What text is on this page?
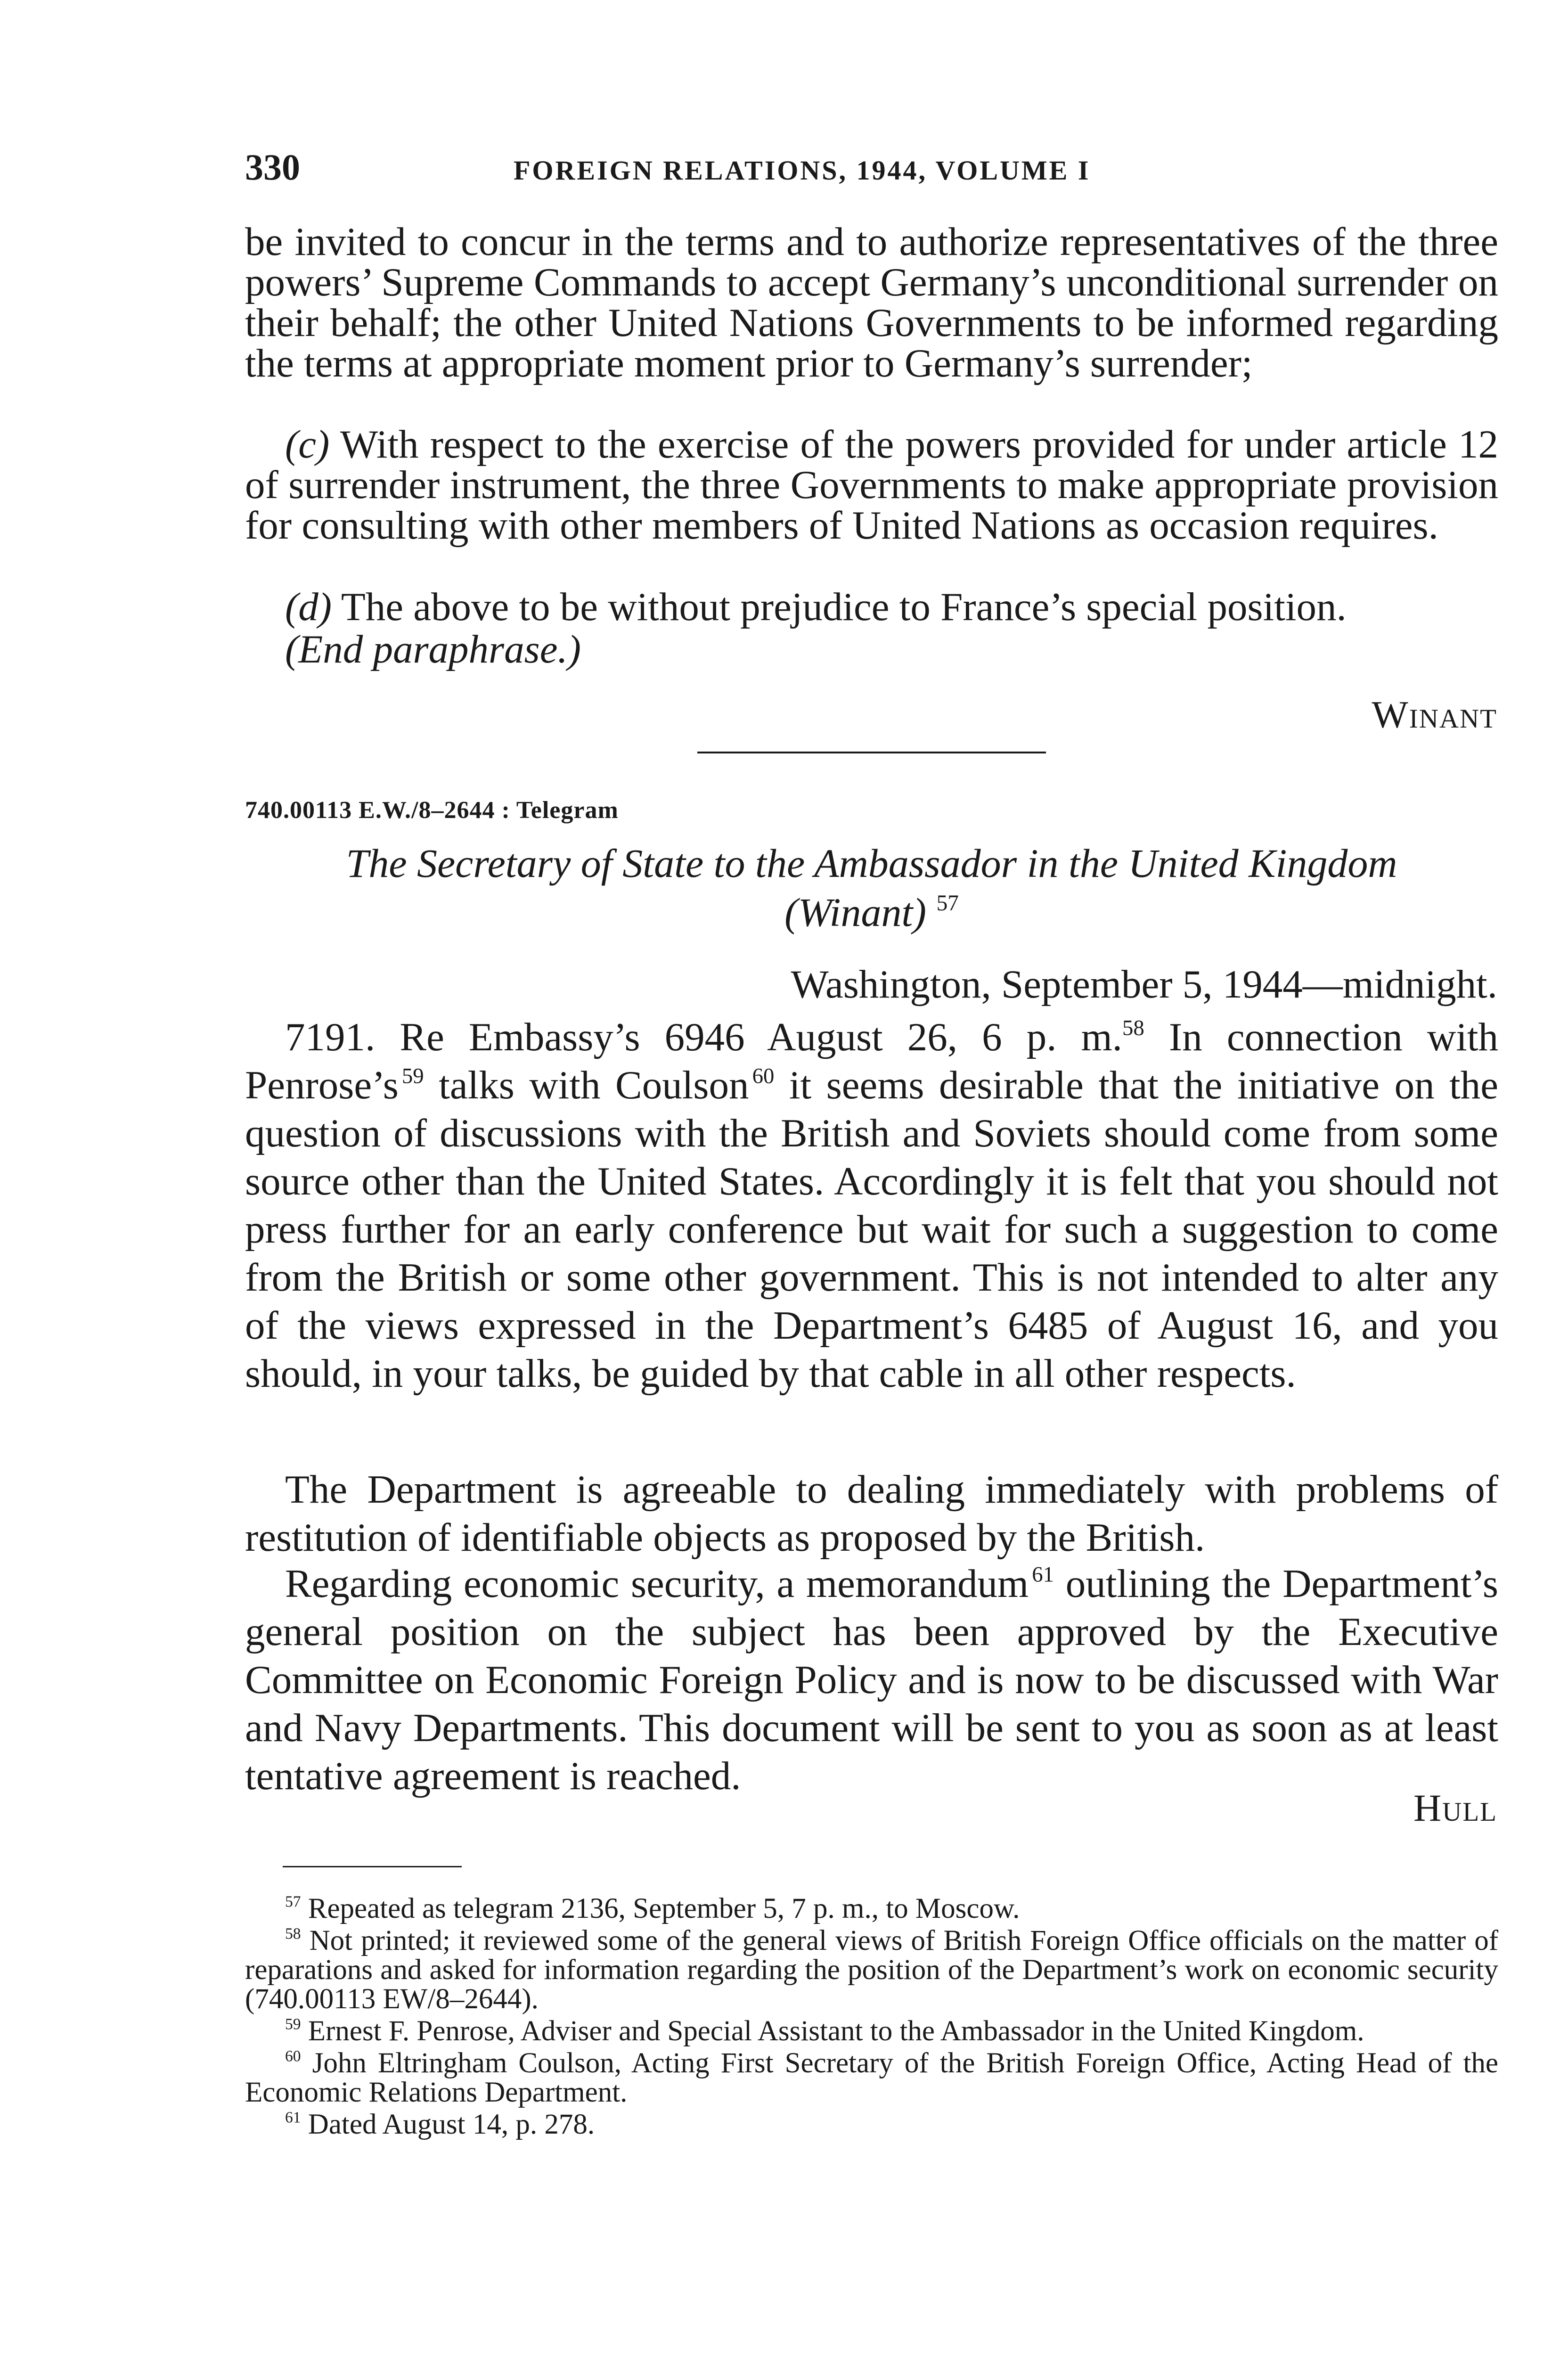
330	FOREIGN RELATIONS, 1944, VOLUME I

be invited to concur in the terms and to authorize representatives of the three powers’ Supreme Commands to accept Germany’s unconditional surrender on their behalf; the other United Nations Governments to be informed regarding the terms at appropriate moment prior to Germany’s surrender;

(c) With respect to the exercise of the powers provided for under article 12 of surrender instrument, the three Governments to make appropriate provision for consulting with other members of United Nations as occasion requires.

(d) The above to be without prejudice to France’s special position.

(End paraphrase.)

Winant
740.00113 E.W./8–2644 : Telegram

The Secretary of State to the Ambassador in the United Kingdom
(Winant) $^{57}$

Washington, September 5, 1944—midnight.

7191. Re Embassy’s 6946 August 26, 6 p. m.$^{58}$ In connection with Penrose’s  $^{59}$ talks with Coulson  $^{60}$ it seems desirable that the initiative on the question of discussions with the British and Soviets should come from some source other than the United States. Accordingly it is felt that you should not press further for an early conference but wait for such a suggestion to come from the British or some other government. This is not intended to alter any of the views expressed in the Department’s 6485 of August 16, and you should, in your talks, be guided by that cable in all other respects.

The Department is agreeable to dealing immediately with problems of restitution of identifiable objects as proposed by the British.

Regarding economic security, a memorandum  $^{61}$ outlining the Department’s general position on the subject has been approved by the Executive Committee on Economic Foreign Policy and is now to be discussed with War and Navy Departments. This document will be sent to you as soon as at least tentative agreement is reached.

Hull

$^{57}$ Repeated as telegram 2136, September 5, 7 p. m., to Moscow.

$^{58}$ Not printed; it reviewed some of the general views of British Foreign Office officials on the matter of reparations and asked for information regarding the position of the Department’s work on economic security (740.00113 EW/8–2644).

$^{59}$ Ernest F. Penrose, Adviser and Special Assistant to the Ambassador in the United Kingdom.

$^{60}$ John Eltringham Coulson, Acting First Secretary of the British Foreign Office, Acting Head of the Economic Relations Department.

$^{61}$ Dated August 14, p. 278.
